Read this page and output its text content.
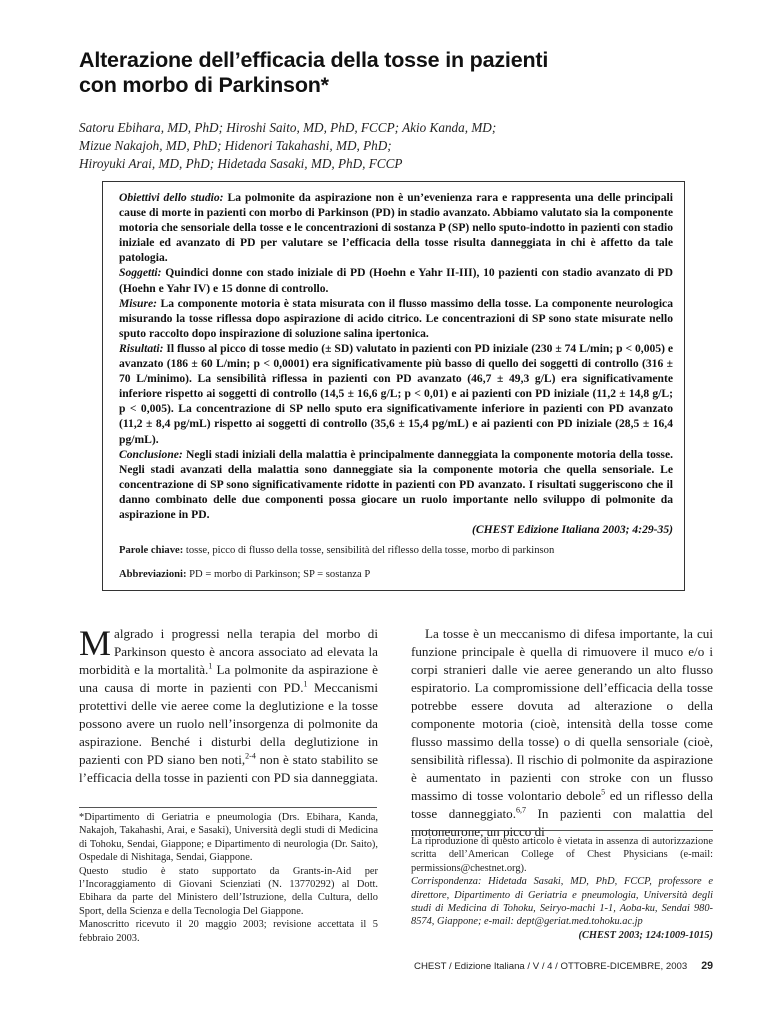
Alterazione dell’efficacia della tosse in pazienti
con morbo di Parkinson*
Satoru Ebihara, MD, PhD; Hiroshi Saito, MD, PhD, FCCP; Akio Kanda, MD;
Mizue Nakajoh, MD, PhD; Hidenori Takahashi, MD, PhD;
Hiroyuki Arai, MD, PhD; Hidetada Sasaki, MD, PhD, FCCP
Obiettivi dello studio: La polmonite da aspirazione non è un’evenienza rara e rappresenta una delle principali cause di morte in pazienti con morbo di Parkinson (PD) in stadio avanzato. Abbiamo valutato sia la componente motoria che sensoriale della tosse e le concentrazioni di sostanza P (SP) nello sputo-indotto in pazienti con stadio iniziale ed avanzato di PD per valutare se l’efficacia della tosse risulta danneggiata in chi è affetto da tale patologia.
Soggetti: Quindici donne con stado iniziale di PD (Hoehn e Yahr II-III), 10 pazienti con stadio avanzato di PD (Hoehn e Yahr IV) e 15 donne di controllo.
Misure: La componente motoria è stata misurata con il flusso massimo della tosse. La componente neurologica misurando la tosse riflessa dopo aspirazione di acido citrico. Le concentrazioni di SP sono state misurate nello sputo raccolto dopo inspirazione di soluzione salina ipertonica.
Risultati: Il flusso al picco di tosse medio (± SD) valutato in pazienti con PD iniziale (230 ± 74 L/min; p < 0,005) e avanzato (186 ± 60 L/min; p < 0,0001) era significativamente più basso di quello dei soggetti di controllo (316 ± 70 L/minimo). La sensibilità riflessa in pazienti con PD avanzato (46,7 ± 49,3 g/L) era significativamente inferiore rispetto ai soggetti di controllo (14,5 ± 16,6 g/L; p < 0,01) e ai pazienti con PD iniziale (11,2 ± 14,8 g/L; p < 0,005). La concentrazione di SP nello sputo era significativamente inferiore in pazienti con PD avanzato (11,2 ± 8,4 pg/mL) rispetto ai soggetti di controllo (35,6 ± 15,4 pg/mL) e ai pazienti con PD iniziale (28,5 ± 16,4 pg/mL).
Conclusione: Negli stadi iniziali della malattia è principalmente danneggiata la componente motoria della tosse. Negli stadi avanzati della malattia sono danneggiate sia la componente motoria che quella sensoriale. Le concentrazione di SP sono significativamente ridotte in pazienti con PD avanzato. I risultati suggeriscono che il danno combinato delle due componenti possa giocare un ruolo importante nello sviluppo di polmonite da aspirazione in PD.
(CHEST Edizione Italiana 2003; 4:29-35)
Parole chiave: tosse, picco di flusso della tosse, sensibilità del riflesso della tosse, morbo di parkinson
Abbreviazioni: PD = morbo di Parkinson; SP = sostanza P
Malgrado i progressi nella terapia del morbo di Parkinson questo è ancora associato ad elevata la morbidità e la mortalità.$^1$ La polmonite da aspirazione è una causa di morte in pazienti con PD.$^1$ Meccanismi protettivi delle vie aeree come la deglutizione e la tosse possono avere un ruolo nell’insorgenza di polmonite da aspirazione. Benché i disturbi della deglutizione in pazienti con PD siano ben noti,$^{2-4}$ non è stato stabilito se l’efficacia della tosse in pazienti con PD sia danneggiata.
La tosse è un meccanismo di difesa importante, la cui funzione principale è quella di rimuovere il muco e/o i corpi stranieri dalle vie aeree generando un alto flusso espiratorio. La compromissione dell’efficacia della tosse potrebbe essere dovuta ad alterazione o della componente motoria (cioè, intensità della tosse come flusso massimo della tosse) o di quella sensoriale (cioè, sensibilità riflessa). Il rischio di polmonite da aspirazione è aumentato in pazienti con stroke con un flusso massimo di tosse volontario debole$^5$ ed un riflesso della tosse danneggiato.$^{6,7}$ In pazienti con malattia del motoneurone, un picco di

*Dipartimento di Geriatria e pneumologia (Drs. Ebihara, Kanda, Nakajoh, Takahashi, Arai, e Sasaki), Università degli studi di Medicina di Tohoku, Sendai, Giappone; e Dipartimento di neurologia (Dr. Saito), Ospedale di Nishitaga, Sendai, Giappone.

Questo studio è stato supportato da Grants-in-Aid per l’Incoraggiamento di Giovani Scienziati (N. 13770292) al Dott. Ebihara da parte del Ministero dell’Istruzione, della Cultura, dello Sport, della Scienza e della Tecnologia Del Giappone.

Manoscritto ricevuto il 20 maggio 2003; revisione accettata il 5 febbraio 2003.

La riproduzione di questo articolo è vietata in assenza di autorizzazione scritta dell’American College of Chest Physicians (e-mail: permissions@chestnet.org).

Corrispondenza: Hidetada Sasaki, MD, PhD, FCCP, professore e direttore, Dipartimento di Geriatria e pneumologia, Università degli studi di Medicina di Tohoku, Seiryo-machi 1-1, Aoba-ku, Sendai 980-8574, Giappone; e-mail: dept@geriat.med.tohoku.ac.jp

(CHEST 2003; 124:1009-1015)

CHEST / Edizione Italiana / V / 4 / OTTOBRE-DICEMBRE, 2003 29
